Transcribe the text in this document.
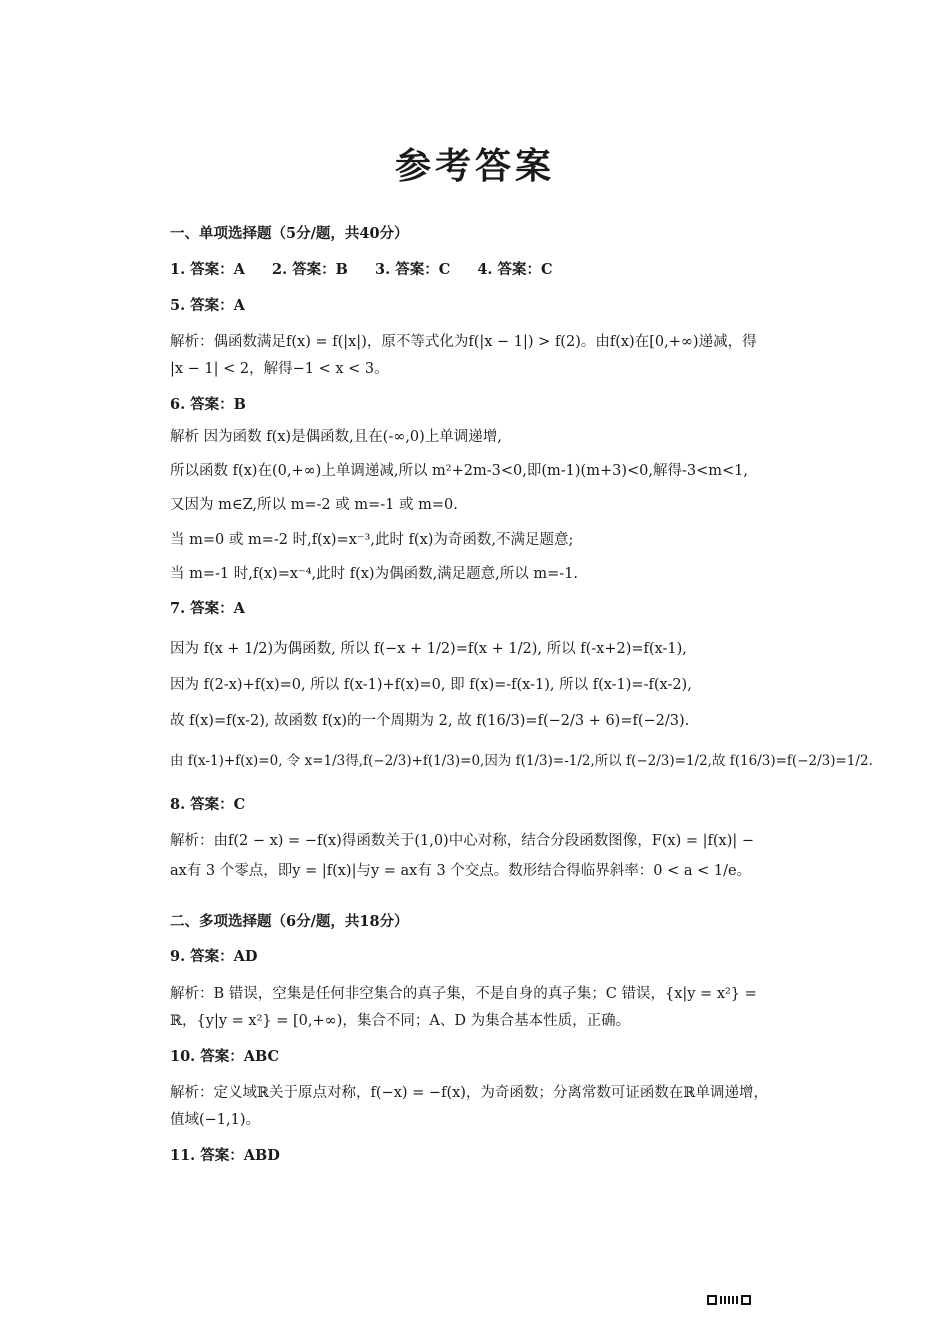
参考答案
一、单项选择题（5分/题，共40分）
1. 答案：A 2. 答案：B 3. 答案：C 4. 答案：C
5. 答案：A
解析：偶函数满足f(x) = f(|x|)，原不等式化为f(|x − 1|) > f(2)。由f(x)在[0,+∞)递减，得
|x − 1| < 2，解得−1 < x < 3。
6. 答案：B
解析 因为函数 f(x)是偶函数,且在(-∞,0)上单调递增,
所以函数 f(x)在(0,+∞)上单调递减,所以 m²+2m-3<0,即(m-1)(m+3)<0,解得-3<m<1,
又因为 m∈Z,所以 m=-2 或 m=-1 或 m=0.
当 m=0 或 m=-2 时,f(x)=x⁻³,此时 f(x)为奇函数,不满足题意;
当 m=-1 时,f(x)=x⁻⁴,此时 f(x)为偶函数,满足题意,所以 m=-1.
7. 答案：A
因为 f(x + 1/2)为偶函数, 所以 f(−x + 1/2)=f(x + 1/2), 所以 f(-x+2)=f(x-1),
因为 f(2-x)+f(x)=0, 所以 f(x-1)+f(x)=0, 即 f(x)=-f(x-1), 所以 f(x-1)=-f(x-2),
故 f(x)=f(x-2), 故函数 f(x)的一个周期为 2, 故 f(16/3)=f(−2/3 + 6)=f(−2/3).
由 f(x-1)+f(x)=0, 令 x=1/3得,f(−2/3)+f(1/3)=0,因为 f(1/3)=-1/2,所以 f(−2/3)=1/2,故 f(16/3)=f(−2/3)=1/2.
8. 答案：C
解析：由f(2 − x) = −f(x)得函数关于(1,0)中心对称，结合分段函数图像，F(x) = |f(x)| −
ax有 3 个零点，即y = |f(x)|与y = ax有 3 个交点。数形结合得临界斜率：0 < a < 1/e。
二、多项选择题（6分/题，共18分）
9. 答案：AD
解析：B 错误，空集是任何非空集合的真子集，不是自身的真子集；C 错误，{x|y = x²} =
ℝ，{y|y = x²} = [0,+∞)，集合不同；A、D 为集合基本性质，正确。
10. 答案：ABC
解析：定义域ℝ关于原点对称，f(−x) = −f(x)，为奇函数；分离常数可证函数在ℝ单调递增，
值域(−1,1)。
11. 答案：ABD
